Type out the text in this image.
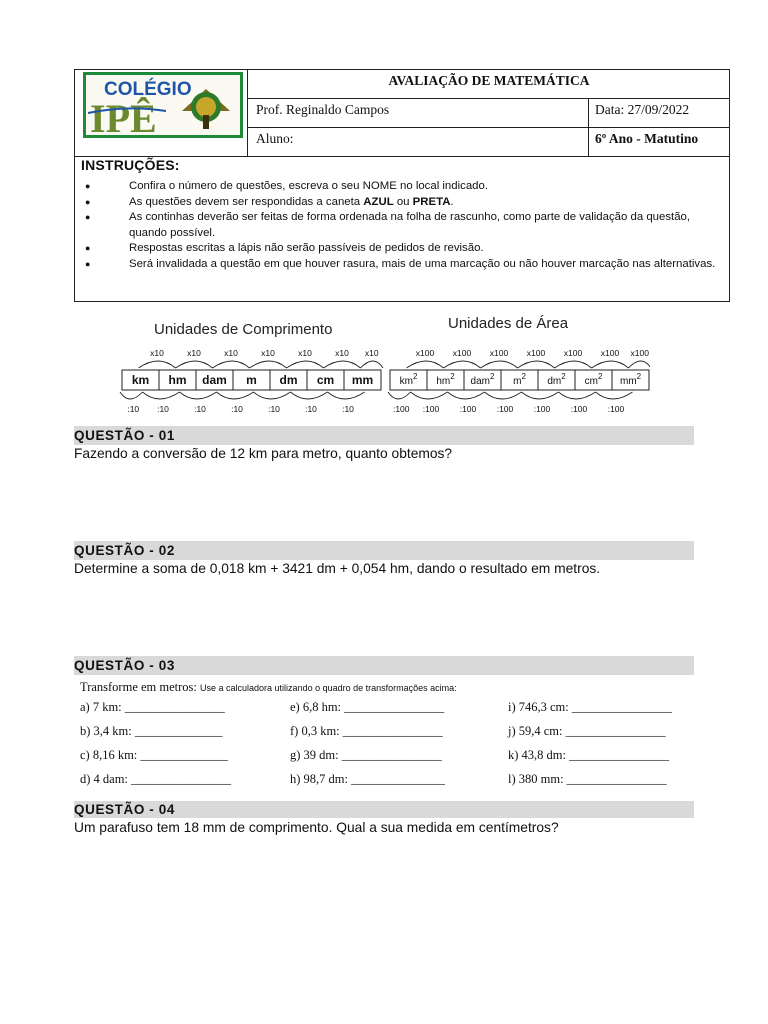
COLÉGIO
IPÊ
AVALIAÇÃO DE MATEMÁTICA
Prof. Reginaldo Campos	Data: 27/09/2022
Aluno:	6º Ano - Matutino
INSTRUÇÕES:
● Confira o número de questões, escreva o seu NOME no local indicado.
● As questões devem ser respondidas a caneta AZUL ou PRETA.
● As continhas deverão ser feitas de forma ordenada na folha de rascunho, como parte de validação da questão, quando possível.
● Respostas escritas a lápis não serão passíveis de pedidos de revisão.
● Será invalidada a questão em que houver rasura, mais de uma marcação ou não houver marcação nas alternativas.
Unidades de Comprimento	Unidades de Área
km
x10
:10
hm
x10
:10
dam
x10
:10
m
x10
:10
dm
x10
:10
cm
x10
:10
mm
x10
:10
$km^2$
x100
:100
$hm^2$
x100
:100
dam$^2$
x100
:100
$m^2$
x100
:100
$dm^2$
x100
:100
$cm^2$
x100
:100
$mm^2$
x100
:100
QUESTÃO - 01
Fazendo a conversão de 12 km para metro, quanto obtemos?
QUESTÃO - 02
Determine a soma de 0,018 km + 3421 dm + 0,054 hm, dando o resultado em metros.
QUESTÃO - 03
Transforme em metros: Use a calculadora utilizando o quadro de transformações acima:
a) 7 km: ________________	e) 6,8 hm: ________________	i) 746,3 cm: ________________
b) 3,4 km: ______________	f) 0,3 km: ________________	j) 59,4 cm: ________________
c) 8,16 km: ______________	g) 39 dm: ________________	k) 43,8 dm: ________________
d) 4 dam: ________________	h) 98,7 dm: _______________	l) 380 mm: ________________
QUESTÃO - 04
Um parafuso tem 18 mm de comprimento. Qual a sua medida em centímetros?
